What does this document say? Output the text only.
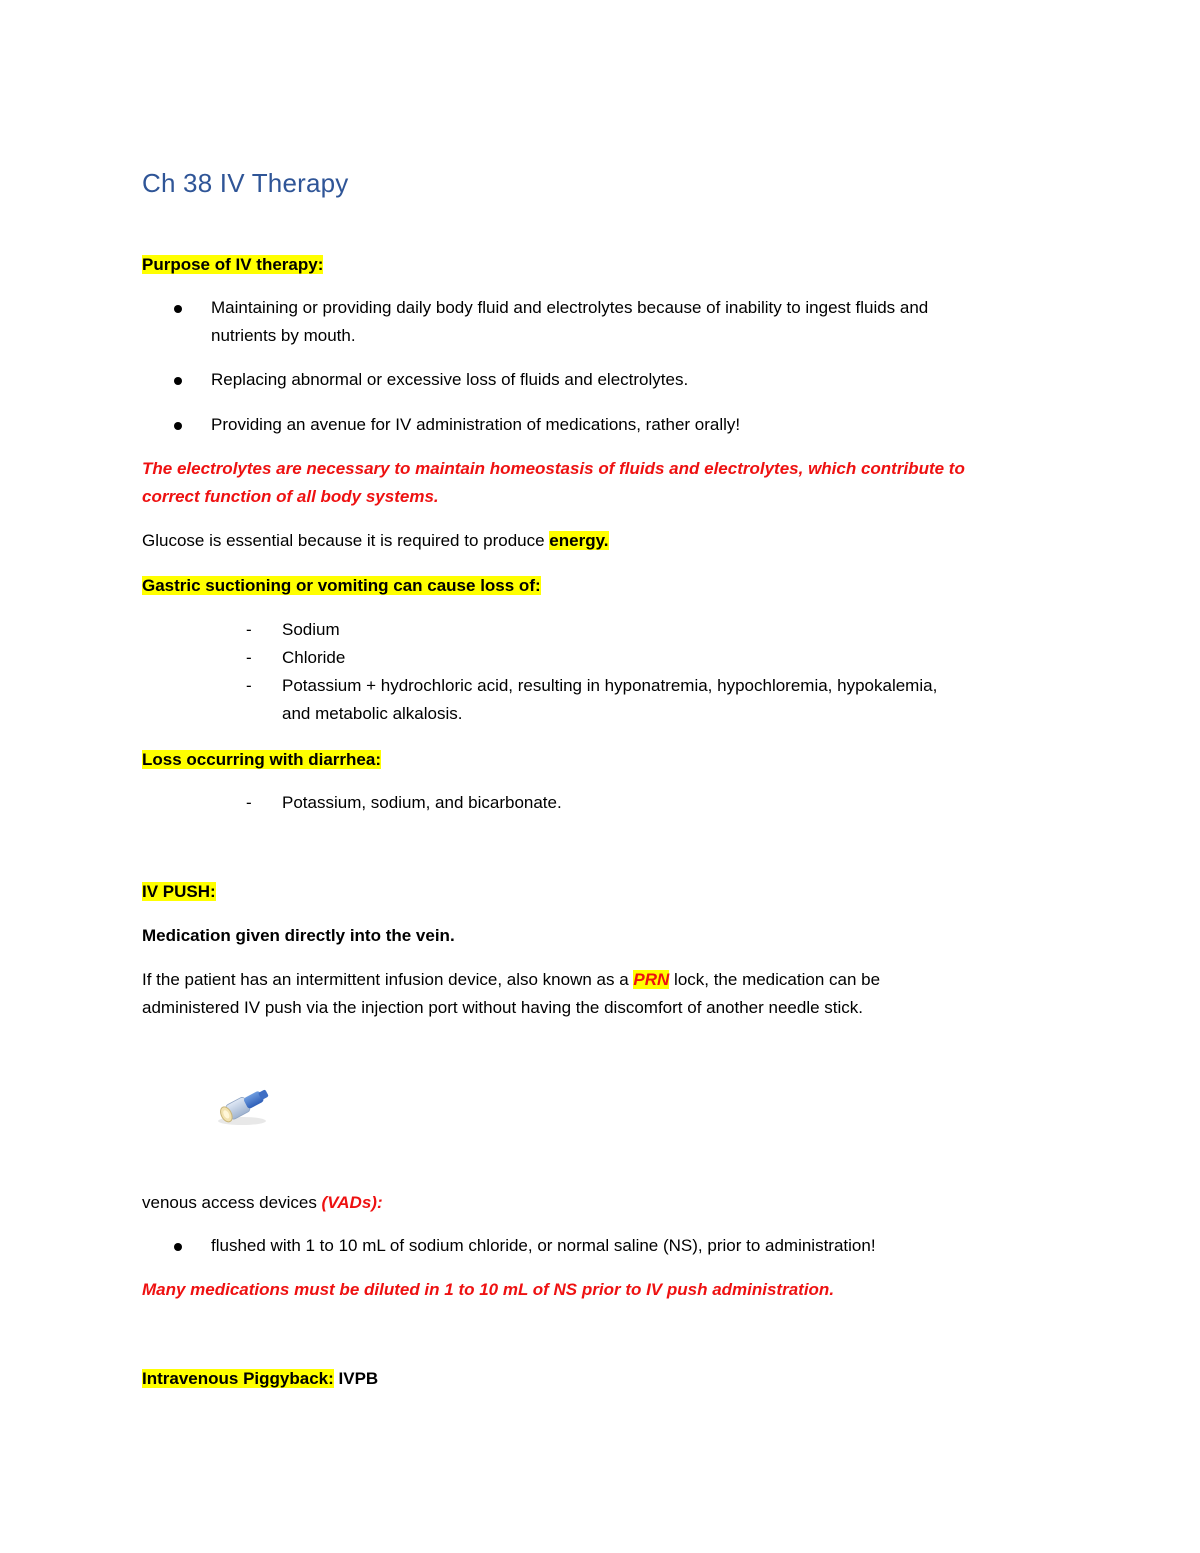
Ch 38 IV Therapy
Purpose of IV therapy:
Maintaining or providing daily body fluid and electrolytes because of inability to ingest fluids and
nutrients by mouth.
Replacing abnormal or excessive loss of fluids and electrolytes.
Providing an avenue for IV administration of medications, rather orally!
The electrolytes are necessary to maintain homeostasis of fluids and electrolytes, which contribute to
correct function of all body systems.
Glucose is essential because it is required to produce energy.
Gastric suctioning or vomiting can cause loss of:
- Sodium
- Chloride
- Potassium + hydrochloric acid, resulting in hyponatremia, hypochloremia, hypokalemia,
and metabolic alkalosis.
Loss occurring with diarrhea:
- Potassium, sodium, and bicarbonate.
IV PUSH:
Medication given directly into the vein.
If the patient has an intermittent infusion device, also known as a PRN lock, the medication can be
administered IV push via the injection port without having the discomfort of another needle stick.
venous access devices (VADs):
flushed with 1 to 10 mL of sodium chloride, or normal saline (NS), prior to administration!
Many medications must be diluted in 1 to 10 mL of NS prior to IV push administration.
Intravenous Piggyback: IVPB
